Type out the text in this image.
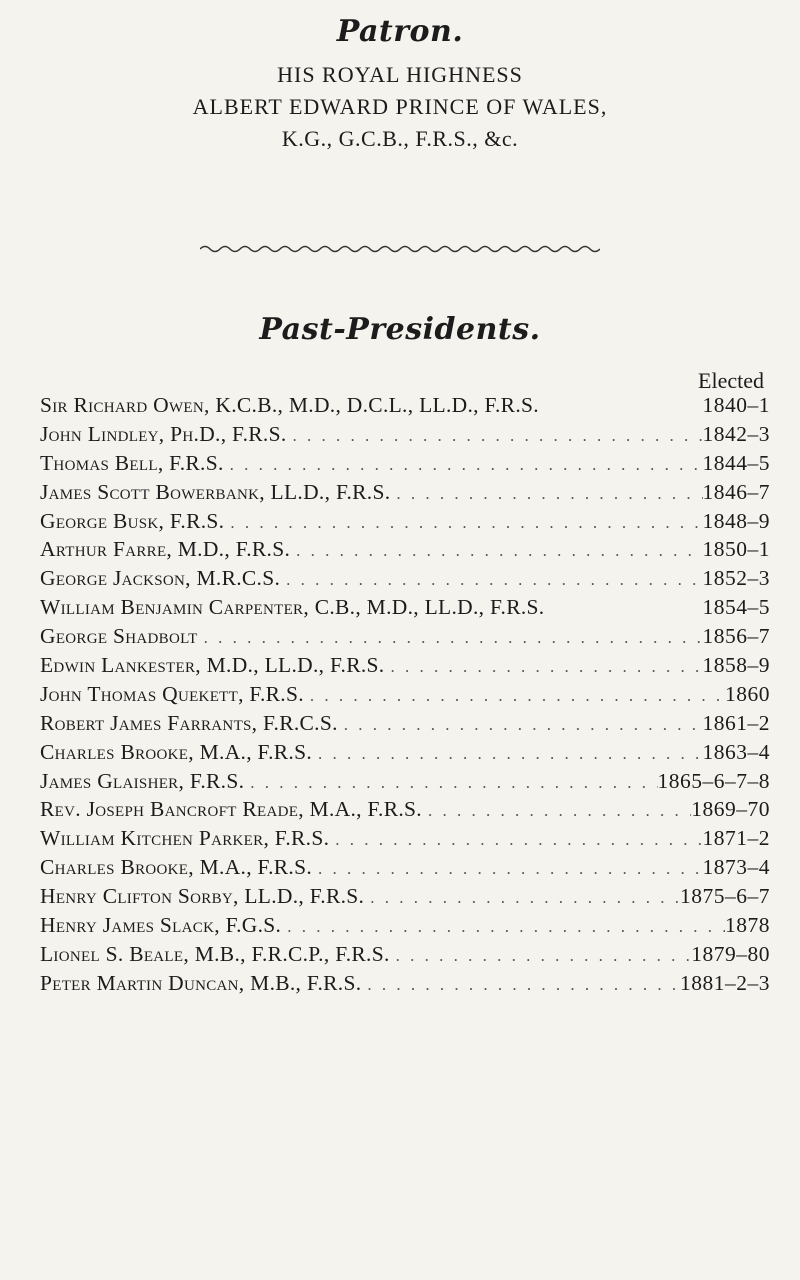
Patron.
HIS ROYAL HIGHNESS
ALBERT EDWARD PRINCE OF WALES,
K.G., G.C.B., F.R.S., &c.
Past-Presidents.
Elected
Sir Richard Owen, K.C.B., M.D., D.C.L., LL.D., F.R.S.	1840–1
John Lindley, Ph.D., F.R.S. . . .	1842–3
Thomas Bell, F.R.S. . . .	1844–5
James Scott Bowerbank, LL.D., F.R.S. . . .	1846–7
George Busk, F.R.S. . . .	1848–9
Arthur Farre, M.D., F.R.S. . . .	1850–1
George Jackson, M.R.C.S. . . .	1852–3
William Benjamin Carpenter, C.B., M.D., LL.D., F.R.S.	1854–5
George Shadbolt . . .	1856–7
Edwin Lankester, M.D., LL.D., F.R.S. . . .	1858–9
John Thomas Quekett, F.R.S. . . .	1860
Robert James Farrants, F.R.C.S. . . .	1861–2
Charles Brooke, M.A., F.R.S. . . .	1863–4
James Glaisher, F.R.S. . . .	1865–6–7–8
Rev. Joseph Bancroft Reade, M.A., F.R.S. . . .	1869–70
William Kitchen Parker, F.R.S. . . .	1871–2
Charles Brooke, M.A., F.R.S. . . .	1873–4
Henry Clifton Sorby, LL.D., F.R.S. . . .	1875–6–7
Henry James Slack, F.G.S. . . .	1878
Lionel S. Beale, M.B., F.R.C.P., F.R.S. . . .	1879–80
Peter Martin Duncan, M.B., F.R.S. . . .	1881–2–3
